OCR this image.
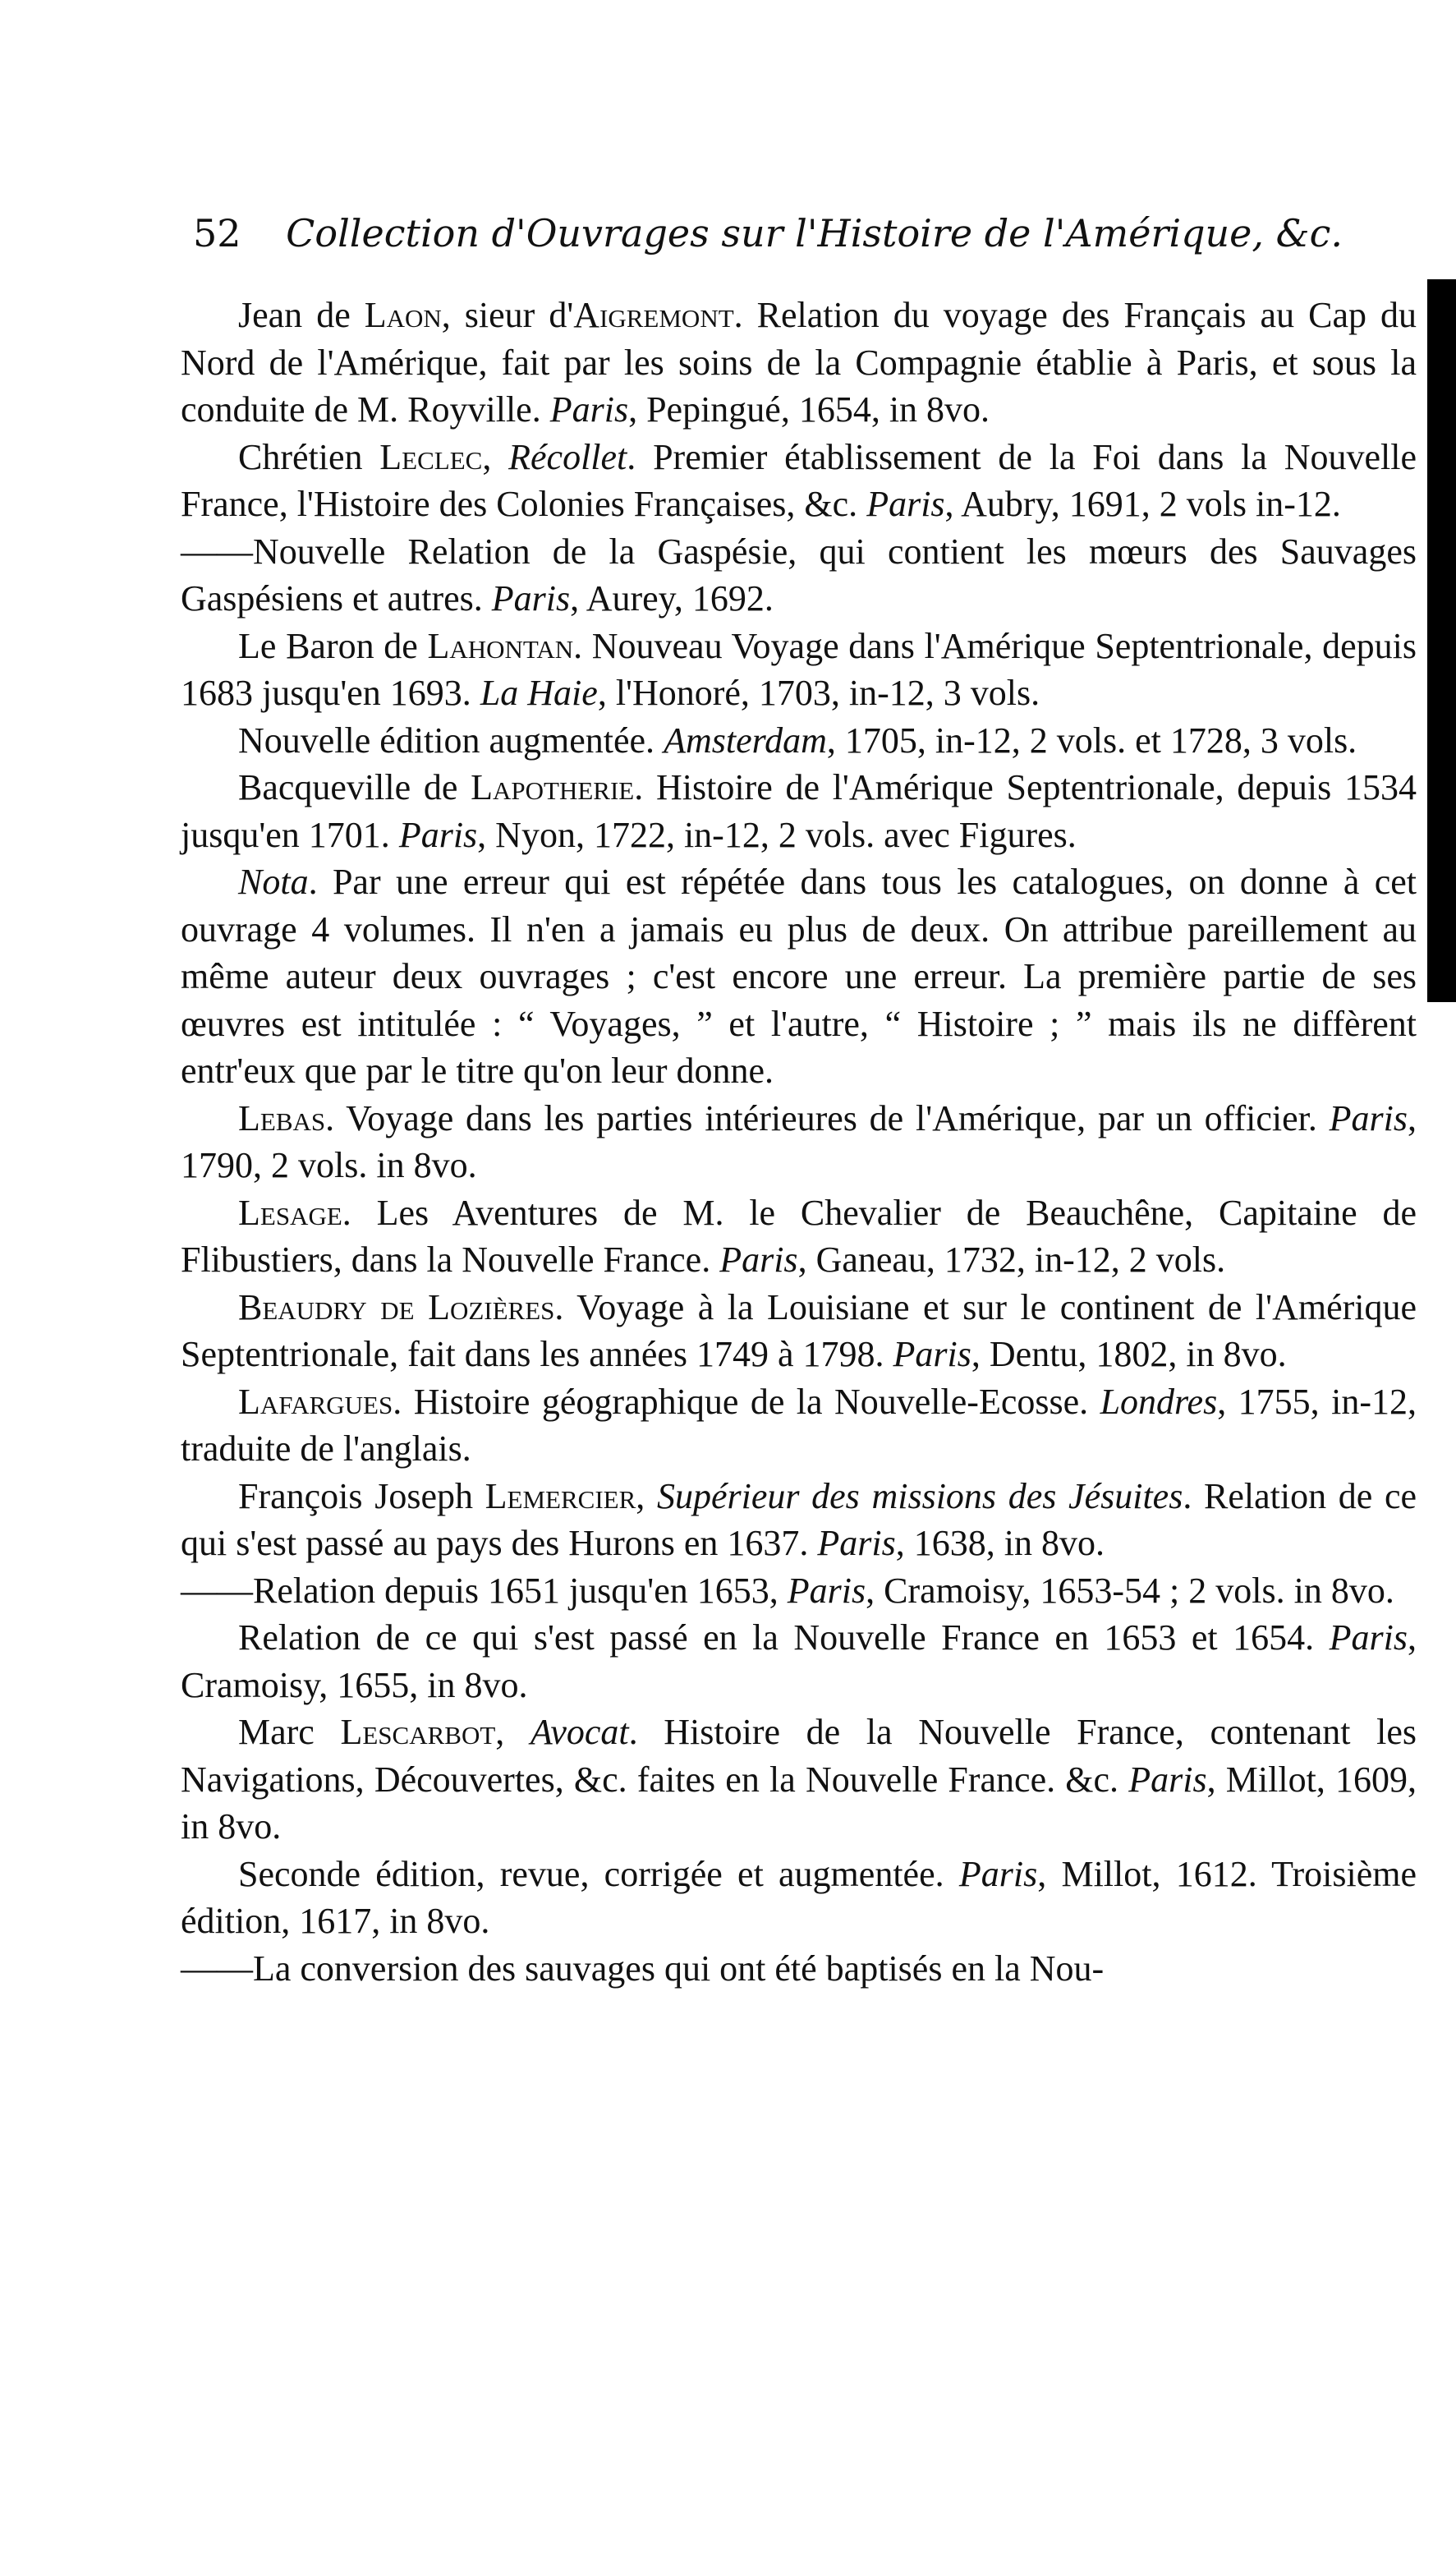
52 Collection d'Ouvrages sur l'Histoire de l'Amérique, &c.

Jean de Laon, sieur d'Aigremont. Relation du voyage des Français au Cap du Nord de l'Amérique, fait par les soins de la Compagnie établie à Paris, et sous la conduite de M. Royville. Paris, Pepingué, 1654, in 8vo.

Chrétien Leclec, Récollet. Premier établissement de la Foi dans la Nouvelle France, l'Histoire des Colonies Françaises, &c. Paris, Aubry, 1691, 2 vols in-12.

——Nouvelle Relation de la Gaspésie, qui contient les mœurs des Sauvages Gaspésiens et autres. Paris, Aurey, 1692.

Le Baron de Lahontan. Nouveau Voyage dans l'Amérique Septentrionale, depuis 1683 jusqu'en 1693. La Haie, l'Honoré, 1703, in-12, 3 vols.

Nouvelle édition augmentée. Amsterdam, 1705, in-12, 2 vols. et 1728, 3 vols.

Bacqueville de Lapotherie. Histoire de l'Amérique Septentrionale, depuis 1534 jusqu'en 1701. Paris, Nyon, 1722, in-12, 2 vols. avec Figures.

Nota. Par une erreur qui est répétée dans tous les catalogues, on donne à cet ouvrage 4 volumes. Il n'en a jamais eu plus de deux. On attribue pareillement au même auteur deux ouvrages ; c'est encore une erreur. La première partie de ses œuvres est intitulée : “ Voyages, ” et l'autre, “ Histoire ; ” mais ils ne diffèrent entr'eux que par le titre qu'on leur donne.

Lebas. Voyage dans les parties intérieures de l'Amérique, par un officier. Paris, 1790, 2 vols. in 8vo.

Lesage. Les Aventures de M. le Chevalier de Beauchêne, Capitaine de Flibustiers, dans la Nouvelle France. Paris, Ganeau, 1732, in-12, 2 vols.

Beaudry de Lozières. Voyage à la Louisiane et sur le continent de l'Amérique Septentrionale, fait dans les années 1749 à 1798. Paris, Dentu, 1802, in 8vo.

Lafargues. Histoire géographique de la Nouvelle-Ecosse. Londres, 1755, in-12, traduite de l'anglais.

François Joseph Lemercier, Supérieur des missions des Jésuites. Relation de ce qui s'est passé au pays des Hurons en 1637. Paris, 1638, in 8vo.

——Relation depuis 1651 jusqu'en 1653, Paris, Cramoisy, 1653-54 ; 2 vols. in 8vo.

Relation de ce qui s'est passé en la Nouvelle France en 1653 et 1654. Paris, Cramoisy, 1655, in 8vo.

Marc Lescarbot, Avocat. Histoire de la Nouvelle France, contenant les Navigations, Découvertes, &c. faites en la Nouvelle France. &c. Paris, Millot, 1609, in 8vo.

Seconde édition, revue, corrigée et augmentée. Paris, Millot, 1612. Troisième édition, 1617, in 8vo.

——La conversion des sauvages qui ont été baptisés en la Nou-
